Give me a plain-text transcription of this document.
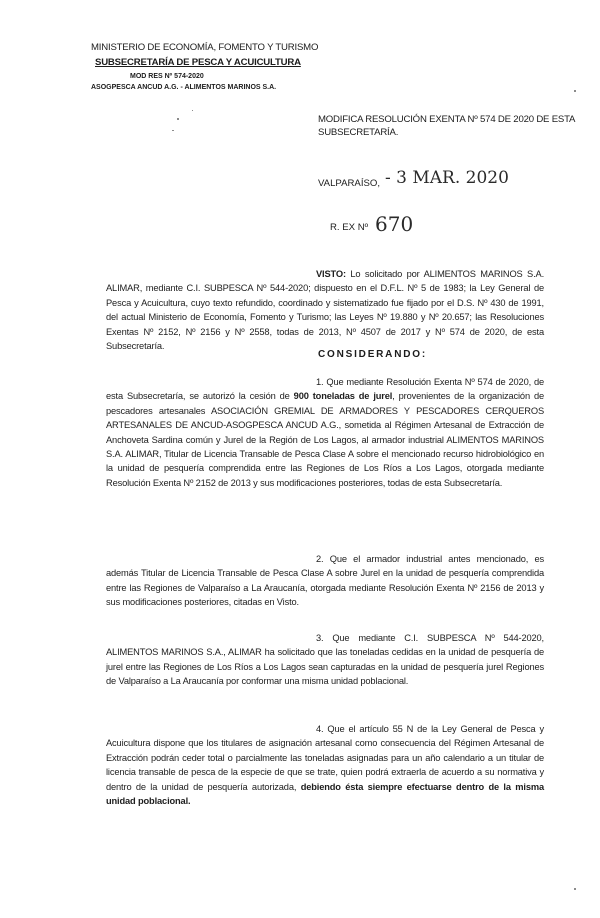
MINISTERIO DE ECONOMÍA, FOMENTO Y TURISMO
SUBSECRETARÍA DE PESCA Y ACUICULTURA
MOD RES Nº 574-2020
ASOGPESCA ANCUD A.G. - ALIMENTOS MARINOS S.A.
MODIFICA RESOLUCIÓN EXENTA Nº 574 DE 2020 DE ESTA SUBSECRETARÍA.
VALPARAÍSO, - 3 MAR. 2020
R. EX Nº 670
VISTO: Lo solicitado por ALIMENTOS MARINOS S.A. ALIMAR, mediante C.I. SUBPESCA Nº 544-2020; dispuesto en el D.F.L. Nº 5 de 1983; la Ley General de Pesca y Acuicultura, cuyo texto refundido, coordinado y sistematizado fue fijado por el D.S. Nº 430 de 1991, del actual Ministerio de Economía, Fomento y Turismo; las Leyes Nº 19.880 y Nº 20.657; las Resoluciones Exentas Nº 2152, Nº 2156 y Nº 2558, todas de 2013, Nº 4507 de 2017 y Nº 574 de 2020, de esta Subsecretaría.
CONSIDERANDO:
1. Que mediante Resolución Exenta Nº 574 de 2020, de esta Subsecretaría, se autorizó la cesión de 900 toneladas de jurel, provenientes de la organización de pescadores artesanales ASOCIACIÓN GREMIAL DE ARMADORES Y PESCADORES CERQUEROS ARTESANALES DE ANCUD-ASOGPESCA ANCUD A.G., sometida al Régimen Artesanal de Extracción de Anchoveta Sardina común y Jurel de la Región de Los Lagos, al armador industrial ALIMENTOS MARINOS S.A. ALIMAR, Titular de Licencia Transable de Pesca Clase A sobre el mencionado recurso hidrobiológico en la unidad de pesquería comprendida entre las Regiones de Los Ríos a Los Lagos, otorgada mediante Resolución Exenta Nº 2152 de 2013 y sus modificaciones posteriores, todas de esta Subsecretaría.
2. Que el armador industrial antes mencionado, es además Titular de Licencia Transable de Pesca Clase A sobre Jurel en la unidad de pesquería comprendida entre las Regiones de Valparaíso a La Araucanía, otorgada mediante Resolución Exenta Nº 2156 de 2013 y sus modificaciones posteriores, citadas en Visto.
3. Que mediante C.I. SUBPESCA Nº 544-2020, ALIMENTOS MARINOS S.A., ALIMAR ha solicitado que las toneladas cedidas en la unidad de pesquería de jurel entre las Regiones de Los Ríos a Los Lagos sean capturadas en la unidad de pesquería jurel Regiones de Valparaíso a La Araucanía por conformar una misma unidad poblacional.
4. Que el artículo 55 N de la Ley General de Pesca y Acuicultura dispone que los titulares de asignación artesanal como consecuencia del Régimen Artesanal de Extracción podrán ceder total o parcialmente las toneladas asignadas para un año calendario a un titular de licencia transable de pesca de la especie de que se trate, quien podrá extraerla de acuerdo a su normativa y dentro de la unidad de pesquería autorizada, debiendo ésta siempre efectuarse dentro de la misma unidad poblacional.
